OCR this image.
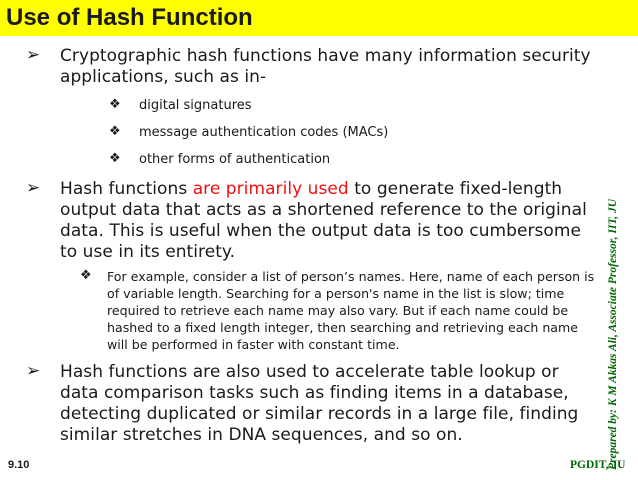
Use of Hash Function
Prepared by: K M Akkas Ali, Associate Professor, IIT, JU
➢ Cryptographic hash functions have many information security applications, such as in-
❖ digital signatures
❖ message authentication codes (MACs)
❖ other forms of authentication
➢ Hash functions are primarily used to generate fixed-length output data that acts as a shortened reference to the original data. This is useful when the output data is too cumbersome to use in its entirety.
❖ For example, consider a list of person’s names. Here, name of each person is of variable length. Searching for a person's name in the list is slow; time required to retrieve each name may also vary. But if each name could be hashed to a fixed length integer, then searching and retrieving each name will be performed in faster with constant time.
➢ Hash functions are also used to accelerate table lookup or data comparison tasks such as finding items in a database, detecting duplicated or similar records in a large file, finding similar stretches in DNA sequences, and so on.
9.10	PGDIT, JU
